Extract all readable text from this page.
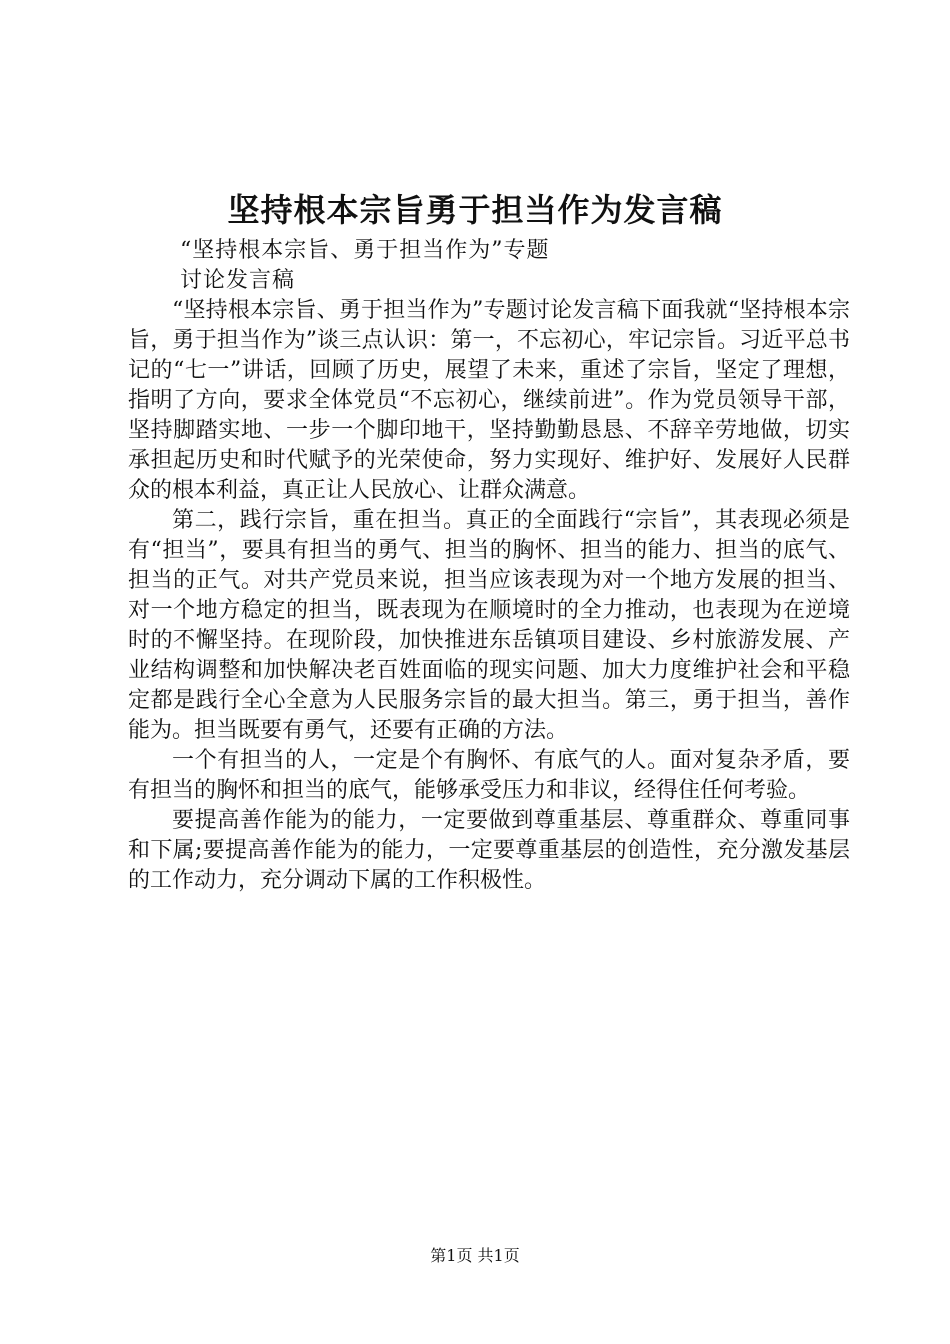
坚持根本宗旨勇于担当作为发言稿

“坚持根本宗旨、勇于担当作为”专题

讨论发言稿

“坚持根本宗旨、勇于担当作为”专题讨论发言稿下面我就“坚持根本宗旨，勇于担当作为”谈三点认识：第一，不忘初心，牢记宗旨。习近平总书记的“七一”讲话，回顾了历史，展望了未来，重述了宗旨，坚定了理想，指明了方向，要求全体党员“不忘初心，继续前进”。作为党员领导干部，坚持脚踏实地、一步一个脚印地干，坚持勤勤恳恳、不辞辛劳地做，切实承担起历史和时代赋予的光荣使命，努力实现好、维护好、发展好人民群众的根本利益，真正让人民放心、让群众满意。

第二，践行宗旨，重在担当。真正的全面践行“宗旨”，其表现必须是有“担当”，要具有担当的勇气、担当的胸怀、担当的能力、担当的底气、担当的正气。对共产党员来说，担当应该表现为对一个地方发展的担当、对一个地方稳定的担当，既表现为在顺境时的全力推动，也表现为在逆境时的不懈坚持。在现阶段，加快推进东岳镇项目建设、乡村旅游发展、产业结构调整和加快解决老百姓面临的现实问题、加大力度维护社会和平稳定都是践行全心全意为人民服务宗旨的最大担当。第三，勇于担当，善作能为。担当既要有勇气，还要有正确的方法。

一个有担当的人，一定是个有胸怀、有底气的人。面对复杂矛盾，要有担当的胸怀和担当的底气，能够承受压力和非议，经得住任何考验。

要提高善作能为的能力，一定要做到尊重基层、尊重群众、尊重同事和下属;要提高善作能为的能力，一定要尊重基层的创造性，充分激发基层的工作动力，充分调动下属的工作积极性。

第1页 共1页
